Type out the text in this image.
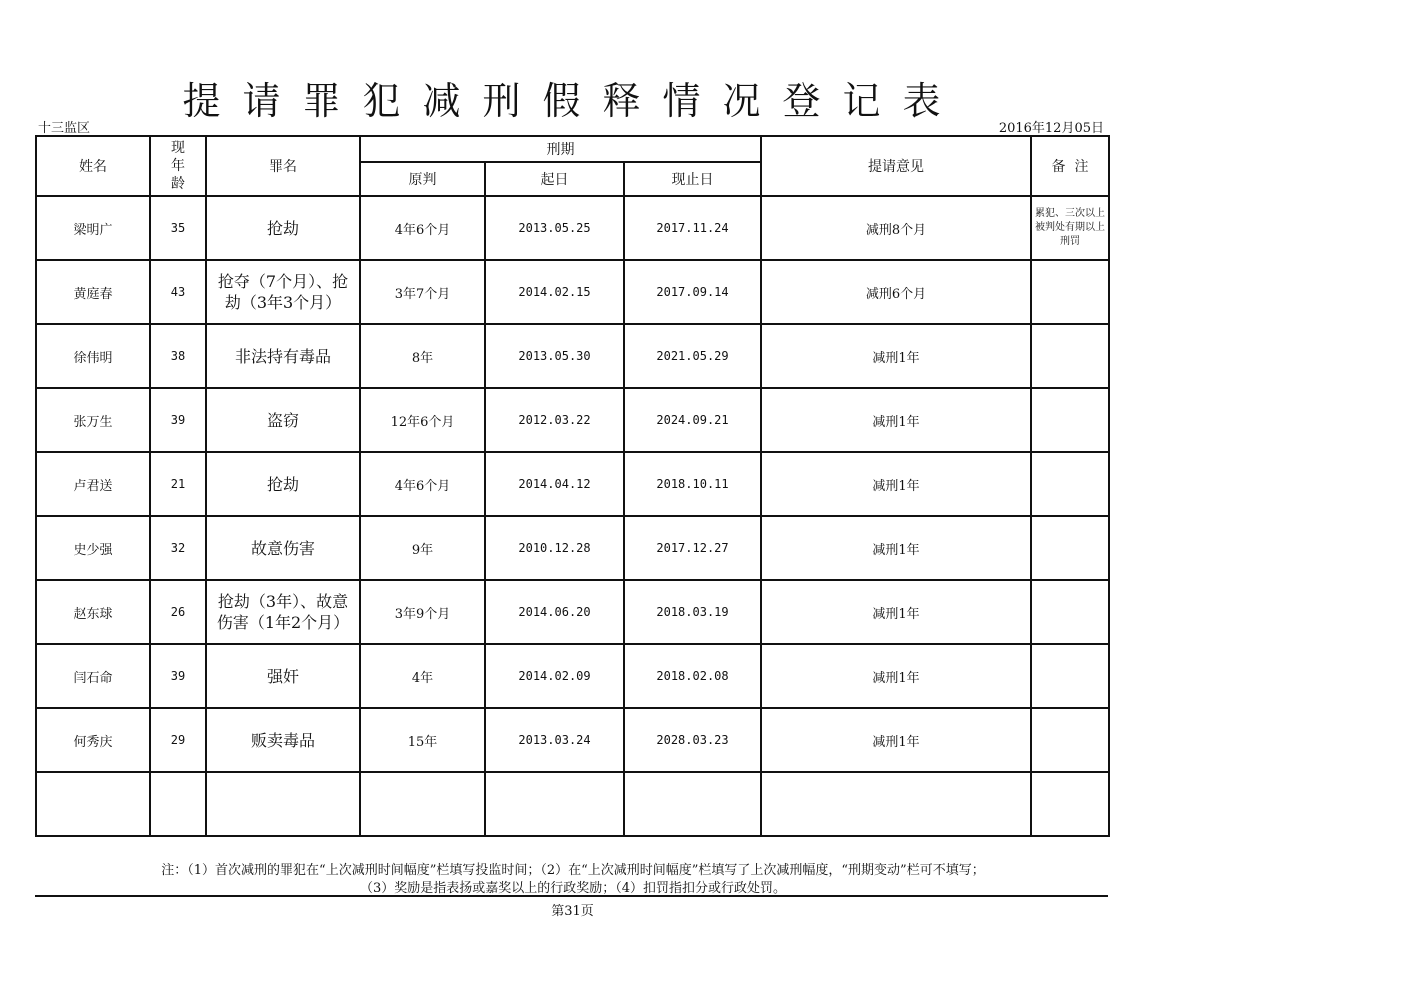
提请罪犯减刑假释情况登记表
十三监区	2016年12月05日
姓名	现
年
龄	罪名	刑期			提请意见	备  注
			原判	起日	现止日		
梁明广	35	抢劫	4年6个月	2013.05.25	2017.11.24	减刑8个月	累犯、三次以上被判处有期以上刑罚
黄庭春	43	抢夺（7个月）、抢劫（3年3个月）	3年7个月	2014.02.15	2017.09.14	减刑6个月	
徐伟明	38	非法持有毒品	8年	2013.05.30	2021.05.29	减刑1年	
张万生	39	盗窃	12年6个月	2012.03.22	2024.09.21	减刑1年	
卢君送	21	抢劫	4年6个月	2014.04.12	2018.10.11	减刑1年	
史少强	32	故意伤害	9年	2010.12.28	2017.12.27	减刑1年	
赵东球	26	抢劫（3年）、故意伤害（1年2个月）	3年9个月	2014.06.20	2018.03.19	减刑1年	
闫石命	39	强奸	4年	2014.02.09	2018.02.08	减刑1年	
何秀庆	29	贩卖毒品	15年	2013.03.24	2028.03.23	减刑1年	

注：（1）首次减刑的罪犯在“上次减刑时间幅度”栏填写投监时间；（2）在“上次减刑时间幅度”栏填写了上次减刑幅度，“刑期变动”栏可不填写；
（3）奖励是指表扬或嘉奖以上的行政奖励；（4）扣罚指扣分或行政处罚。
第31页
